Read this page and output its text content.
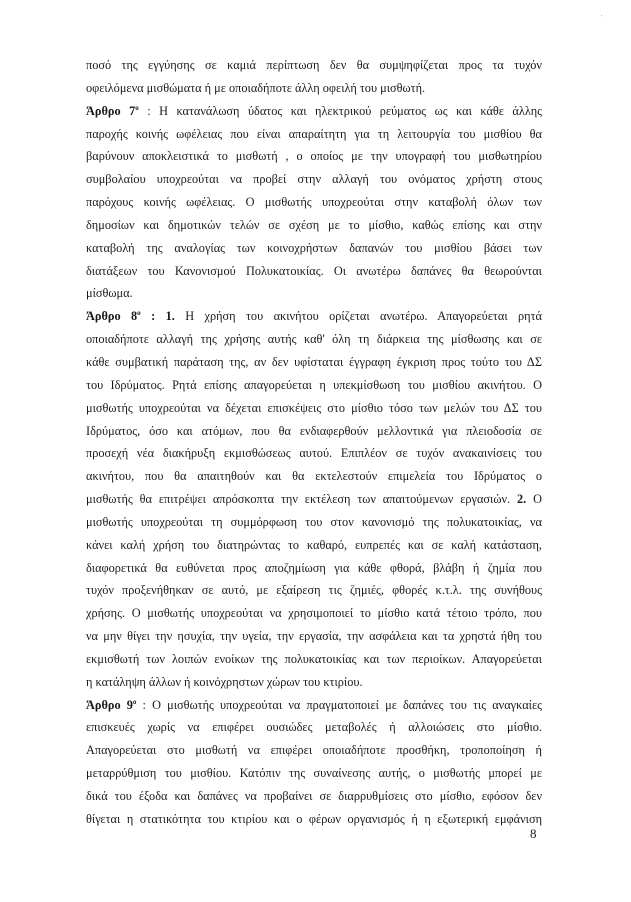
'
ποσό της εγγύησης σε καμιά περίπτωση δεν θα συμψηφίζεται προς τα τυχόν
οφειλόμενα μισθώματα ή με οποιαδήποτε άλλη οφειλή του μισθωτή.
Άρθρο $7^o$ : Η κατανάλωση ύδατος και ηλεκτρικού ρεύματος ως και κάθε άλλης
παροχής κοινής ωφέλειας που είναι απαραίτητη για τη λειτουργία του μισθίου θα
βαρύνουν αποκλειστικά το μισθωτή , ο οποίος με την υπογραφή του μισθωτηρίου
συμβολαίου υποχρεούται να προβεί στην αλλαγή του ονόματος χρήστη στους
παρόχους κοινής ωφέλειας. Ο μισθωτής υποχρεούται στην καταβολή όλων των
δημοσίων και δημοτικών τελών σε σχέση με το μίσθιο, καθώς επίσης και στην
καταβολή της αναλογίας των κοινοχρήστων δαπανών του μισθίου βάσει των
διατάξεων του Κανονισμού Πολυκατοικίας. Οι ανωτέρω δαπάνες θα θεωρούνται
μίσθωμα.
Άρθρο $8^o$ : 1. Η χρήση του ακινήτου ορίζεται ανωτέρω. Απαγορεύεται ρητά
οποιαδήποτε αλλαγή της χρήσης αυτής καθ' όλη τη διάρκεια της μίσθωσης και σε
κάθε συμβατική παράταση της, αν δεν υφίσταται έγγραφη έγκριση προς τούτο του ΔΣ
του Ιδρύματος. Ρητά επίσης απαγορεύεται η υπεκμίσθωση του μισθίου ακινήτου. Ο
μισθωτής υποχρεούται να δέχεται επισκέψεις στο μίσθιο τόσο των μελών του ΔΣ του
Ιδρύματος, όσο και ατόμων, που θα ενδιαφερθούν μελλοντικά για πλειοδοσία σε
προσεχή νέα διακήρυξη εκμισθώσεως αυτού. Επιπλέον σε τυχόν ανακαινίσεις του
ακινήτου, που θα απαιτηθούν και θα εκτελεστούν επιμελεία του Ιδρύματος ο
μισθωτής θα επιτρέψει απρόσκοπτα την εκτέλεση των απαιτούμενων εργασιών. 2. Ο
μισθωτής υποχρεούται τη συμμόρφωση του στον κανονισμό της πολυκατοικίας, να
κάνει καλή χρήση του διατηρώντας το καθαρό, ευπρεπές και σε καλή κατάσταση,
διαφορετικά θα ευθύνεται προς αποζημίωση για κάθε φθορά, βλάβη ή ζημία που
τυχόν προξενήθηκαν σε αυτό, με εξαίρεση τις ζημιές, φθορές κ.τ.λ. της συνήθους
χρήσης. Ο μισθωτής υποχρεούται να χρησιμοποιεί το μίσθιο κατά τέτοιο τρόπο, που
να μην θίγει την ησυχία, την υγεία, την εργασία, την ασφάλεια και τα χρηστά ήθη του
εκμισθωτή των λοιπών ενοίκων της πολυκατοικίας και των περιοίκων. Απαγορεύεται
η κατάληψη άλλων ή κοινόχρηστων χώρων του κτιρίου.
Άρθρο $9^o$ : Ο μισθωτής υποχρεούται να πραγματοποιεί με δαπάνες του τις αναγκαίες
επισκευές χωρίς να επιφέρει ουσιώδες μεταβολές ή αλλοιώσεις στο μίσθιο.
Απαγορεύεται στο μισθωτή να επιφέρει οποιαδήποτε προσθήκη, τροποποίηση ή
μεταρρύθμιση του μισθίου. Κατόπιν της συναίνεσης αυτής, ο μισθωτής μπορεί με
δικά του έξοδα και δαπάνες να προβαίνει σε διαρρυθμίσεις στο μίσθιο, εφόσον δεν
θίγεται η στατικότητα του κτιρίου και ο φέρων οργανισμός ή η εξωτερική εμφάνιση
8
